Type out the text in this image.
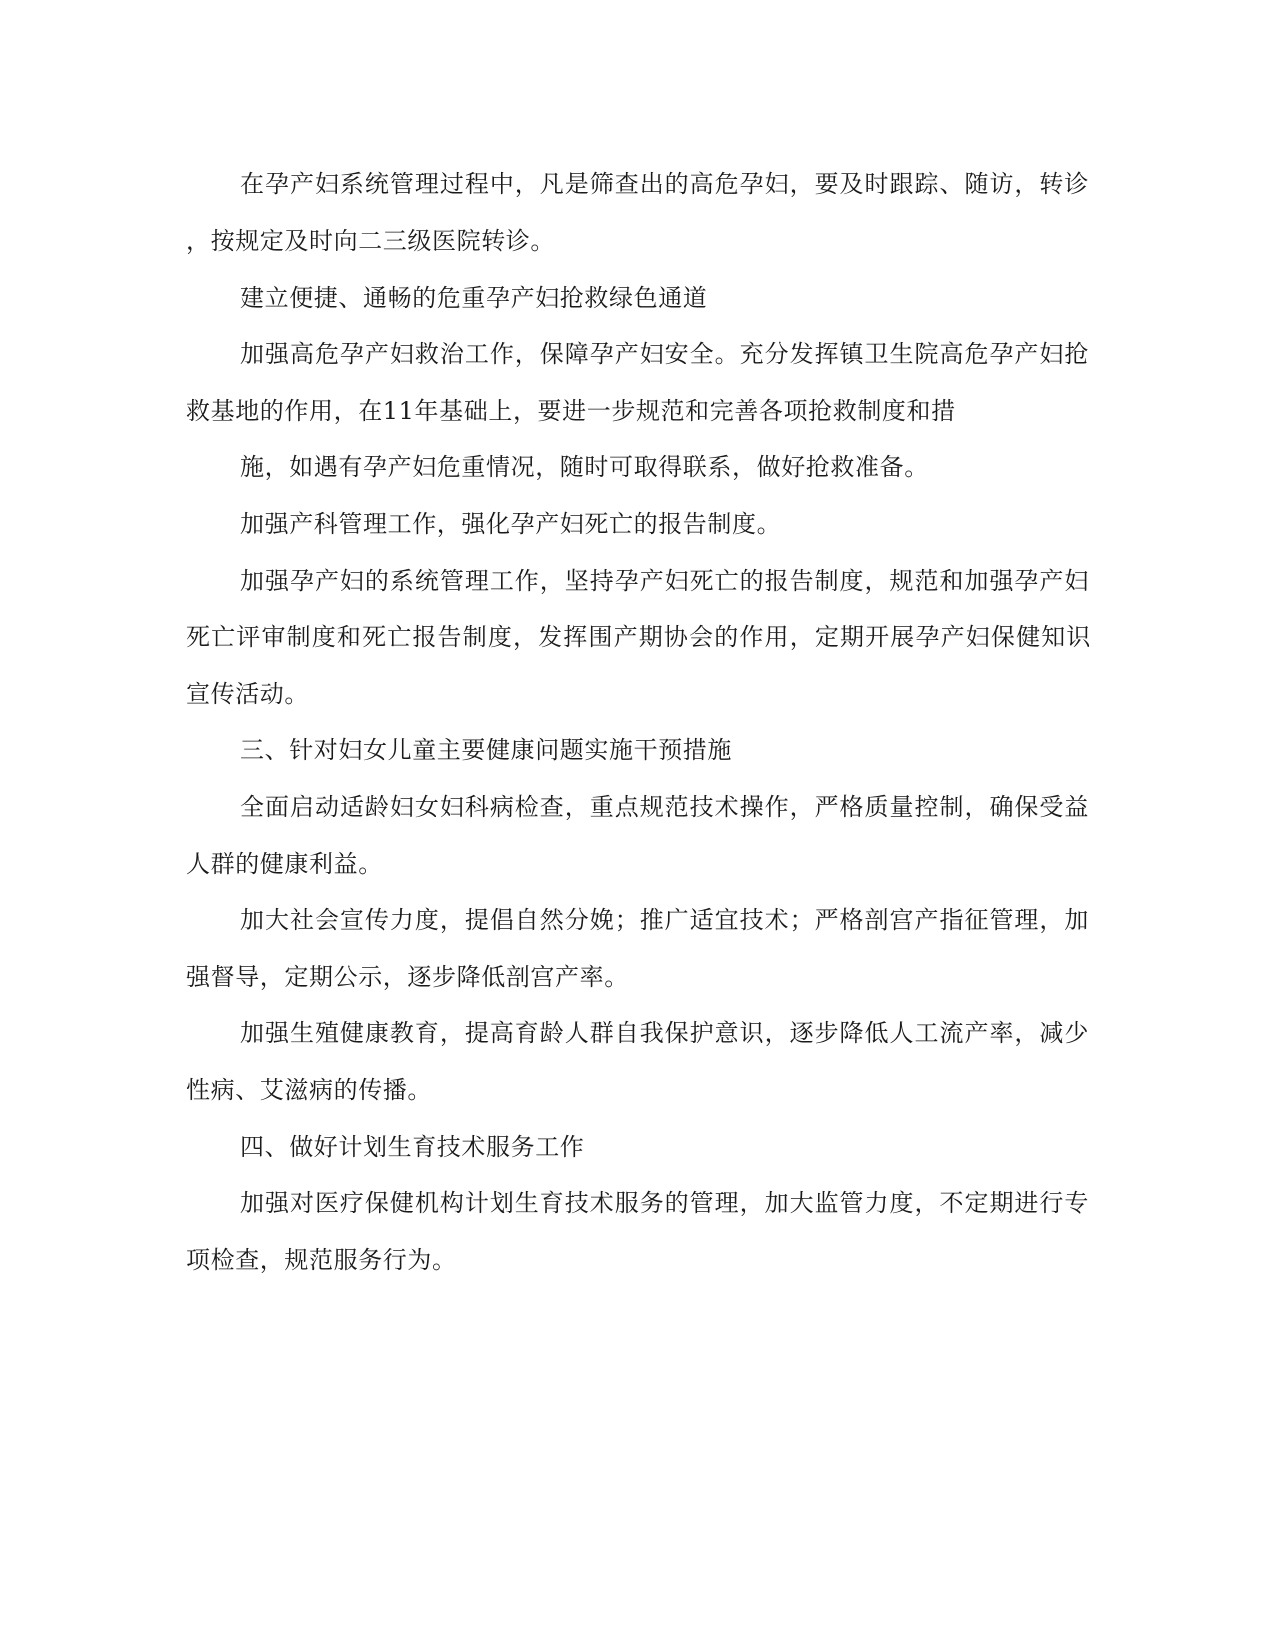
在孕产妇系统管理过程中，凡是筛查出的高危孕妇，要及时跟踪、随访，转诊
，按规定及时向二三级医院转诊。
建立便捷、通畅的危重孕产妇抢救绿色通道
加强高危孕产妇救治工作，保障孕产妇安全。充分发挥镇卫生院高危孕产妇抢
救基地的作用，在11年基础上，要进一步规范和完善各项抢救制度和措
施，如遇有孕产妇危重情况，随时可取得联系，做好抢救准备。
加强产科管理工作，强化孕产妇死亡的报告制度。
加强孕产妇的系统管理工作，坚持孕产妇死亡的报告制度，规范和加强孕产妇
死亡评审制度和死亡报告制度，发挥围产期协会的作用，定期开展孕产妇保健知识
宣传活动。
三、针对妇女儿童主要健康问题实施干预措施
全面启动适龄妇女妇科病检查，重点规范技术操作，严格质量控制，确保受益
人群的健康利益。
加大社会宣传力度，提倡自然分娩；推广适宜技术；严格剖宫产指征管理，加
强督导，定期公示，逐步降低剖宫产率。
加强生殖健康教育，提高育龄人群自我保护意识，逐步降低人工流产率，减少
性病、艾滋病的传播。
四、做好计划生育技术服务工作
加强对医疗保健机构计划生育技术服务的管理，加大监管力度，不定期进行专
项检查，规范服务行为。
